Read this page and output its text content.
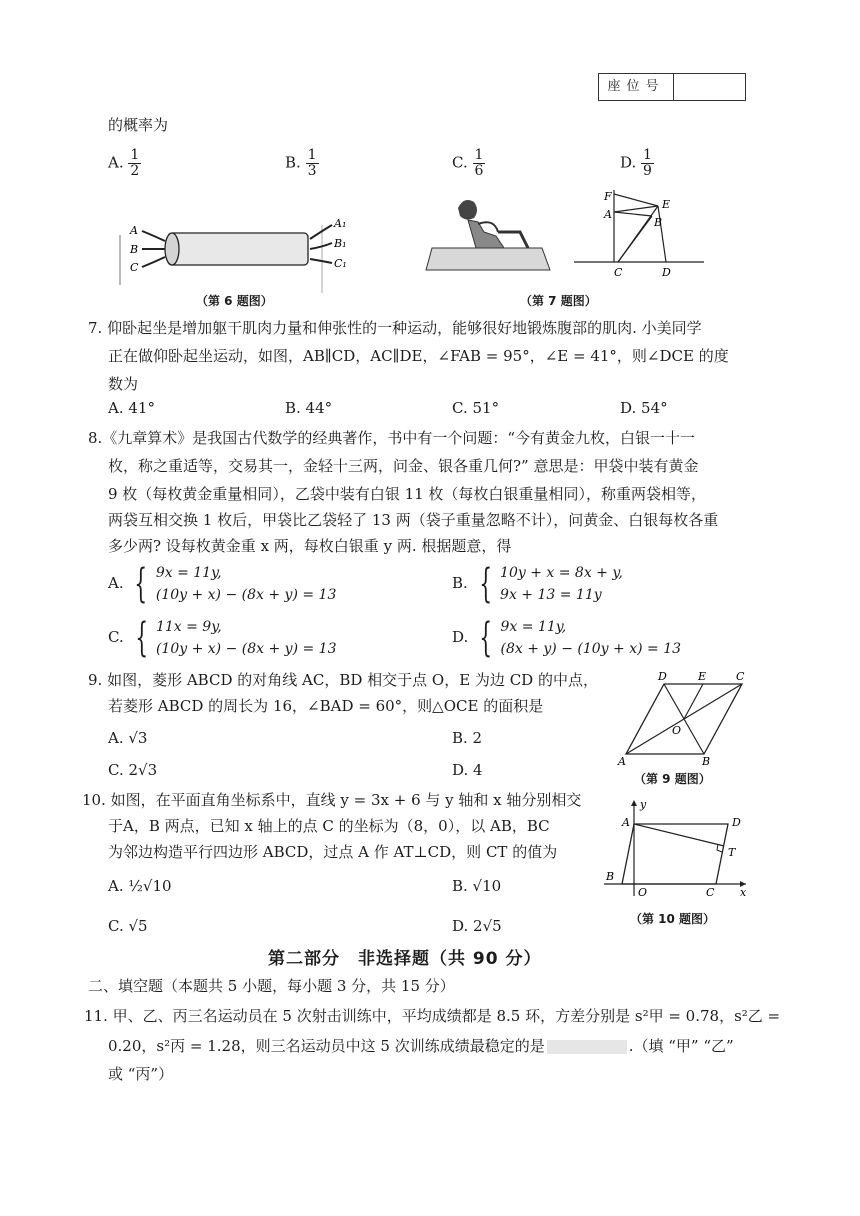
座位号
的概率为
A. $\frac{1}{2}$	B. $\frac{1}{3}$	C. $\frac{1}{6}$	D. $\frac{1}{9}$
A
B
C
A₁
B₁
C₁
（第 6 题图）
F
A
E
B
C	D
（第 7 题图）
7. 仰卧起坐是增加躯干肌肉力量和伸张性的一种运动，能够很好地锻炼腹部的肌肉. 小美同学
正在做仰卧起坐运动，如图，AB∥CD，AC∥DE，∠FAB = 95°，∠E = 41°，则∠DCE 的度
数为
A. 41°	B. 44°	C. 51°	D. 54°
8.《九章算术》是我国古代数学的经典著作，书中有一个问题：“今有黄金九枚，白银一十一
枚，称之重适等，交易其一，金轻十三两，问金、银各重几何?” 意思是：甲袋中装有黄金
9 枚（每枚黄金重量相同），乙袋中装有白银 11 枚（每枚白银重量相同），称重两袋相等，
两袋互相交换 1 枚后，甲袋比乙袋轻了 13 两（袋子重量忽略不计），问黄金、白银每枚各重
多少两? 设每枚黄金重 x 两，每枚白银重 y 两. 根据题意，得
A. { 9x = 11y,
(10y + x) − (8x + y) = 13
B. { 10y + x = 8x + y,
9x + 13 = 11y
C. { 11x = 9y,
(10y + x) − (8x + y) = 13
D. { 9x = 11y,
(8x + y) − (10y + x) = 13
9. 如图，菱形 ABCD 的对角线 AC，BD 相交于点 O，E 为边 CD 的中点，
若菱形 ABCD 的周长为 16，∠BAD = 60°，则△OCE 的面积是
A. √3	B. 2
C. 2√3	D. 4
D	E	C
O
A	B
（第 9 题图）
10. 如图，在平面直角坐标系中，直线 y = 3x + 6 与 y 轴和 x 轴分别相交
于A，B 两点，已知 x 轴上的点 C 的坐标为（8，0），以 AB，BC
为邻边构造平行四边形 ABCD，过点 A 作 AT⊥CD，则 CT 的值为
A. ½√10	B. √10
C. √5	D. 2√5
y
A	D
T
B
O	C x
（第 10 题图）
第二部分　非选择题（共 90 分）
二、填空题（本题共 5 小题，每小题 3 分，共 15 分）
11. 甲、乙、丙三名运动员在 5 次射击训练中，平均成绩都是 8.5 环，方差分别是 s²甲 = 0.78，s²乙 =
0.20，s²丙 = 1.28，则三名运动员中这 5 次训练成绩最稳定的是	.（填 “甲” “乙”
或 “丙”）
